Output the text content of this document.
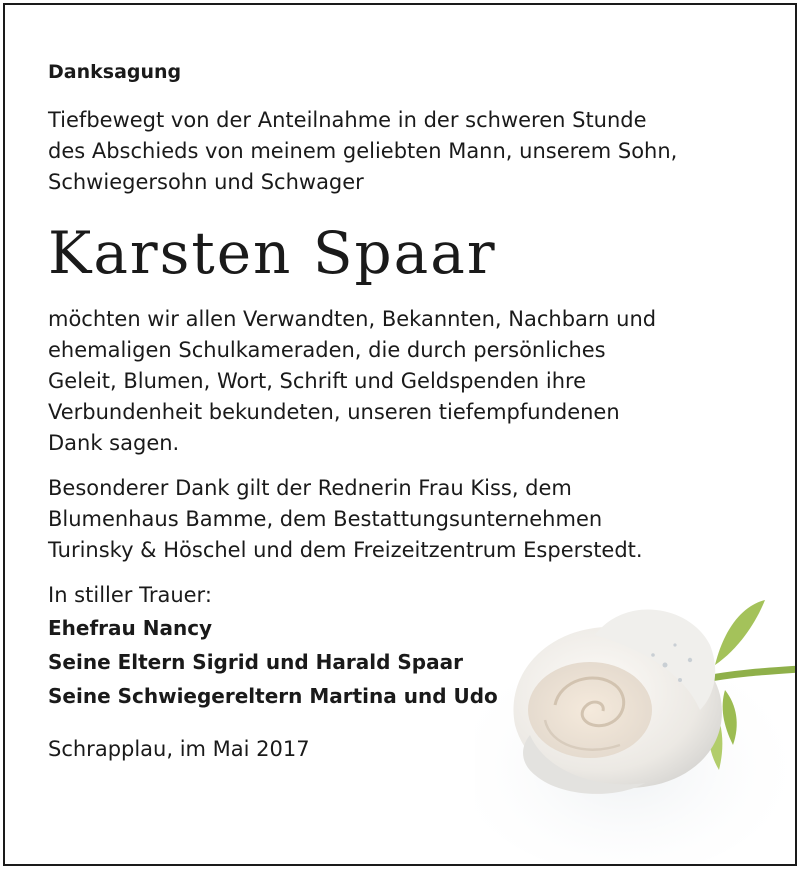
Danksagung
Tiefbewegt von der Anteilnahme in der schweren Stunde
des Abschieds von meinem geliebten Mann, unserem Sohn,
Schwiegersohn und Schwager
Karsten Spaar
möchten wir allen Verwandten, Bekannten, Nachbarn und
ehemaligen Schulkameraden, die durch persönliches
Geleit, Blumen, Wort, Schrift und Geldspenden ihre
Verbundenheit bekundeten, unseren tiefempfundenen
Dank sagen.
Besonderer Dank gilt der Rednerin Frau Kiss, dem
Blumenhaus Bamme, dem Bestattungsunternehmen
Turinsky & Höschel und dem Freizeitzentrum Esperstedt.
In stiller Trauer:
Ehefrau Nancy
Seine Eltern Sigrid und Harald Spaar
Seine Schwiegereltern Martina und Udo
Schrapplau, im Mai 2017
